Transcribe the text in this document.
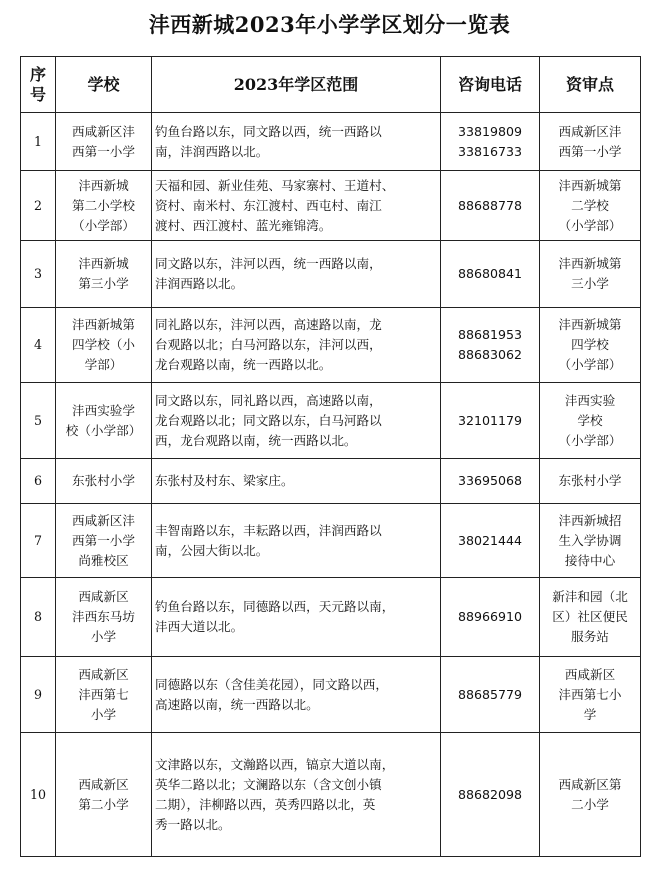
沣西新城2023年小学学区划分一览表
序
号	学校	2023年学区范围	咨询电话	资审点
1	西咸新区沣
西第一小学	钓鱼台路以东，同文路以西，统一西路以
南，沣润西路以北。	33819809
33816733	西咸新区沣
西第一小学
2	沣西新城
第二小学校
（小学部）	天福和园、新业佳苑、马家寨村、王道村、
资村、南米村、东江渡村、西屯村、南江
渡村、西江渡村、蓝光雍锦湾。	88688778	沣西新城第
二学校
（小学部）
3	沣西新城
第三小学	同文路以东，沣河以西，统一西路以南，
沣润西路以北。	88680841	沣西新城第
三小学
4	沣西新城第
四学校（小
学部）	同礼路以东，沣河以西，高速路以南，龙
台观路以北；白马河路以东，沣河以西，
龙台观路以南，统一西路以北。	88681953
88683062	沣西新城第
四学校
（小学部）
5	沣西实验学
校（小学部）	同文路以东，同礼路以西，高速路以南，
龙台观路以北；同文路以东，白马河路以
西，龙台观路以南，统一西路以北。	32101179	沣西实验
学校
（小学部）
6	东张村小学	东张村及村东、梁家庄。	33695068	东张村小学
7	西咸新区沣
西第一小学
尚雅校区	丰智南路以东，丰耘路以西，沣润西路以
南，公园大街以北。	38021444	沣西新城招
生入学协调
接待中心
8	西咸新区
沣西东马坊
小学	钓鱼台路以东，同德路以西，天元路以南，
沣西大道以北。	88966910	新沣和园（北
区）社区便民
服务站
9	西咸新区
沣西第七
小学	同德路以东（含佳美花园），同文路以西，
高速路以南，统一西路以北。	88685779	西咸新区
沣西第七小
学
10	西咸新区
第二小学	文津路以东，文瀚路以西，镐京大道以南，
英华二路以北；文澜路以东（含文创小镇
二期），沣柳路以西，英秀四路以北，英
秀一路以北。	88682098	西咸新区第
二小学
